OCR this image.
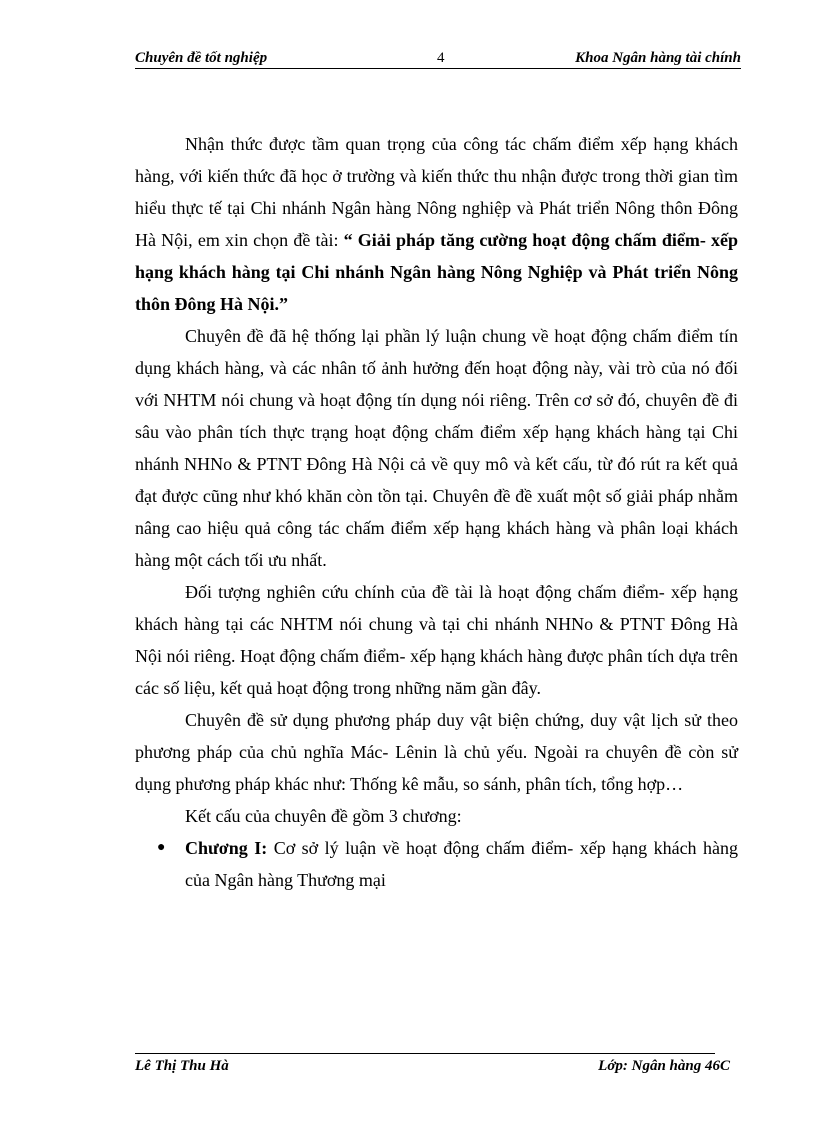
Chuyên đề tốt nghiệp	4	Khoa Ngân hàng tài chính

Nhận thức được tầm quan trọng của công tác chấm điểm xếp hạng khách hàng, với kiến thức đã học ở trường và kiến thức thu nhận được trong thời gian tìm hiểu thực tế tại Chi nhánh Ngân hàng Nông nghiệp và Phát triển Nông thôn Đông Hà Nội, em xin chọn đề tài: “ Giải pháp tăng cường hoạt động chấm điểm- xếp hạng khách hàng tại Chi nhánh Ngân hàng Nông Nghiệp và Phát triển Nông thôn Đông Hà Nội.”

Chuyên đề đã hệ thống lại phần lý luận chung về hoạt động chấm điểm tín dụng khách hàng, và các nhân tố ảnh hưởng đến hoạt động này, vài trò của nó đối với NHTM nói chung và hoạt động tín dụng nói riêng. Trên cơ sở đó, chuyên đề đi sâu vào phân tích thực trạng hoạt động chấm điểm xếp hạng khách hàng tại Chi nhánh NHNo & PTNT Đông Hà Nội cả về quy mô và kết cấu, từ đó rút ra kết quả đạt được cũng như khó khăn còn tồn tại. Chuyên đề đề xuất một số giải pháp nhằm nâng cao hiệu quả công tác chấm điểm xếp hạng khách hàng và phân loại khách hàng một cách tối ưu nhất.

Đối tượng nghiên cứu chính của đề tài là hoạt động chấm điểm- xếp hạng khách hàng tại các NHTM nói chung và tại chi nhánh NHNo & PTNT Đông Hà Nội nói riêng. Hoạt động chấm điểm- xếp hạng khách hàng được phân tích dựa trên các số liệu, kết quả hoạt động trong những năm gần đây.

Chuyên đề sử dụng phương pháp duy vật biện chứng, duy vật lịch sử theo phương pháp của chủ nghĩa Mác- Lênin là chủ yếu. Ngoài ra chuyên đề còn sử dụng phương pháp khác như: Thống kê mẫu, so sánh, phân tích, tổng hợp…

Kết cấu của chuyên đề gồm 3 chương:

● Chương I: Cơ sở lý luận về hoạt động chấm điểm- xếp hạng khách hàng của Ngân hàng Thương mại
Lê Thị Thu Hà	Lớp: Ngân hàng 46C
